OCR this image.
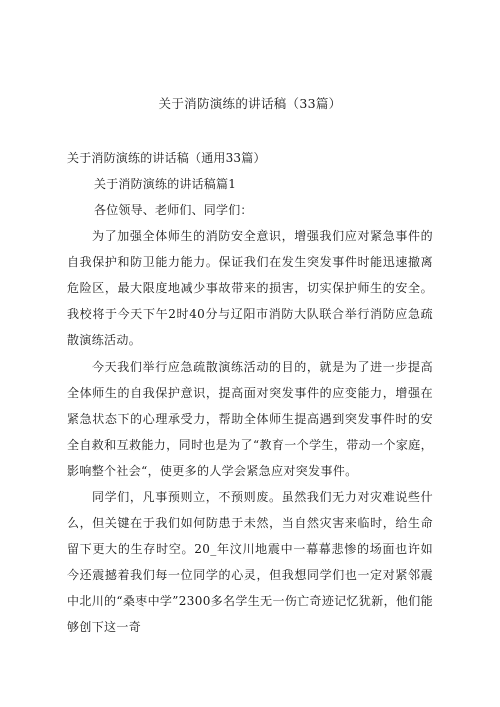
关于消防演练的讲话稿（33篇）
关于消防演练的讲话稿（通用33篇）
关于消防演练的讲话稿篇1
各位领导、老师们、同学们：

为了加强全体师生的消防安全意识，增强我们应对紧急事件的自我保护和防卫能力能力。保证我们在发生突发事件时能迅速撤离危险区，最大限度地减少事故带来的损害，切实保护师生的安全。我校将于今天下午2时40分与辽阳市消防大队联合举行消防应急疏散演练活动。

今天我们举行应急疏散演练活动的目的，就是为了进一步提高全体师生的自我保护意识，提高面对突发事件的应变能力，增强在紧急状态下的心理承受力，帮助全体师生提高遇到突发事件时的安全自救和互救能力，同时也是为了“教育一个学生，带动一个家庭，影响整个社会“，使更多的人学会紧急应对突发事件。

同学们，凡事预则立，不预则废。虽然我们无力对灾难说些什么，但关键在于我们如何防患于未然，当自然灾害来临时，给生命留下更大的生存时空。20_年汶川地震中一幕幕悲惨的场面也许如今还震撼着我们每一位同学的心灵，但我想同学们也一定对紧邻震中北川的“桑枣中学”2300多名学生无一伤亡奇迹记忆犹新，他们能够创下这一奇
